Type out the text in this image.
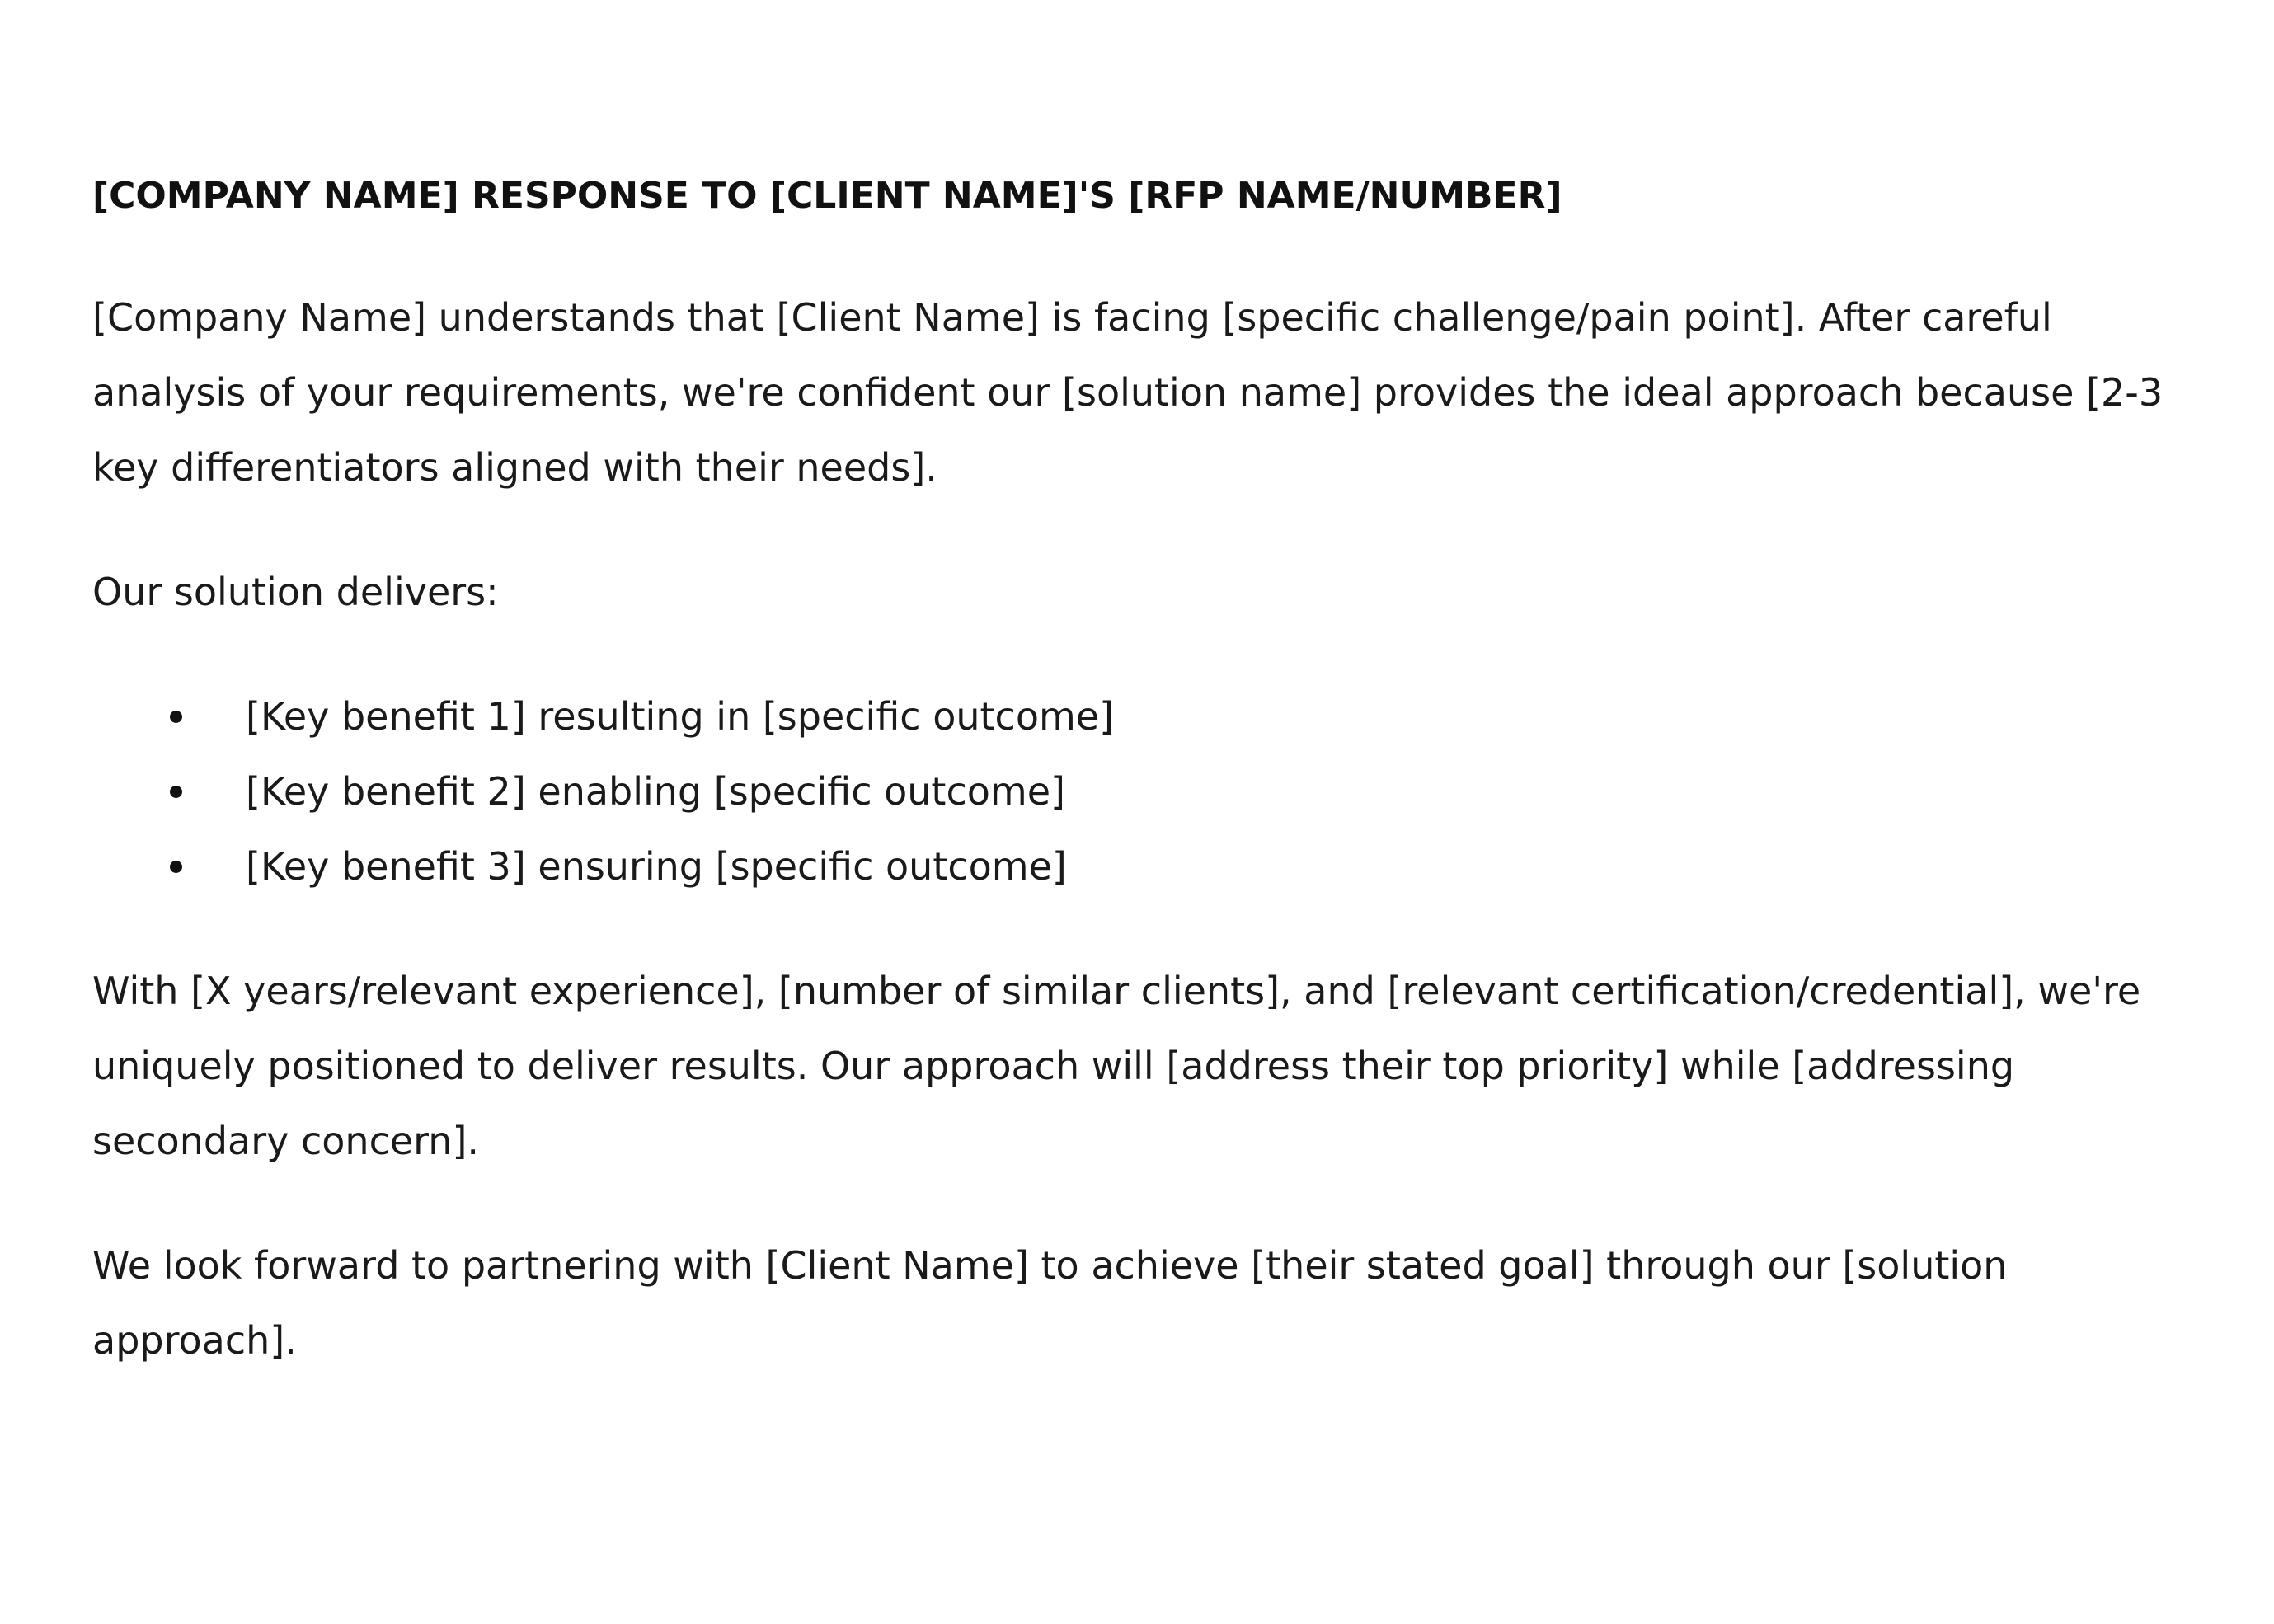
[COMPANY NAME] RESPONSE TO [CLIENT NAME]'S [RFP NAME/NUMBER]

[Company Name] understands that [Client Name] is facing [specific challenge/pain point]. After careful analysis of your requirements, we're confident our [solution name] provides the ideal approach because [2-3 key differentiators aligned with their needs].

Our solution delivers:

[Key benefit 1] resulting in [specific outcome]
[Key benefit 2] enabling [specific outcome]
[Key benefit 3] ensuring [specific outcome]

With [X years/relevant experience], [number of similar clients], and [relevant certification/credential], we're uniquely positioned to deliver results. Our approach will [address their top priority] while [addressing secondary concern].

We look forward to partnering with [Client Name] to achieve [their stated goal] through our [solution approach].
